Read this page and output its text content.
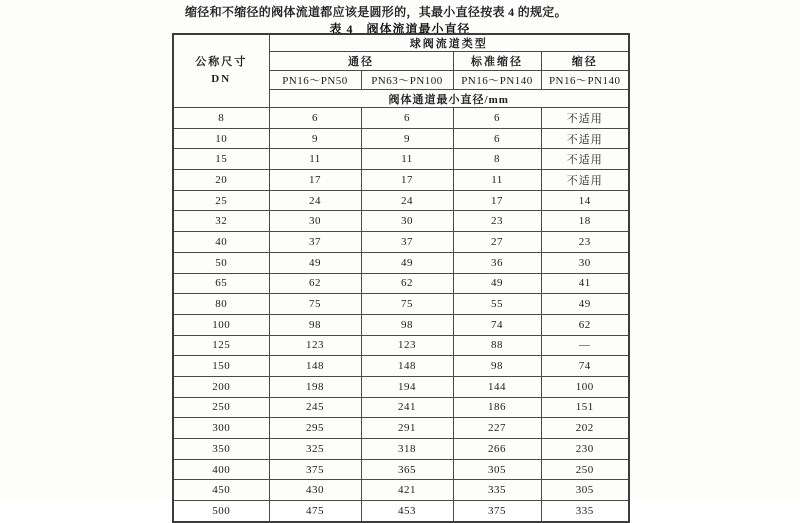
缩径和不缩径的阀体流道都应该是圆形的，其最小直径按表 4 的规定。

表 4　阀体流道最小直径

公称尺寸
DN	球阀流道类型			
	通径		标准缩径	缩径
	PN16～PN50	PN63～PN100	PN16～PN140	PN16～PN140
	阀体通道最小直径/mm			
8	6	6	6	不适用
10	9	9	6	不适用
15	11	11	8	不适用
20	17	17	11	不适用
25	24	24	17	14
32	30	30	23	18
40	37	37	27	23
50	49	49	36	30
65	62	62	49	41
80	75	75	55	49
100	98	98	74	62
125	123	123	88	—
150	148	148	98	74
200	198	194	144	100
250	245	241	186	151
300	295	291	227	202
350	325	318	266	230
400	375	365	305	250
450	430	421	335	305
500	475	453	375	335
